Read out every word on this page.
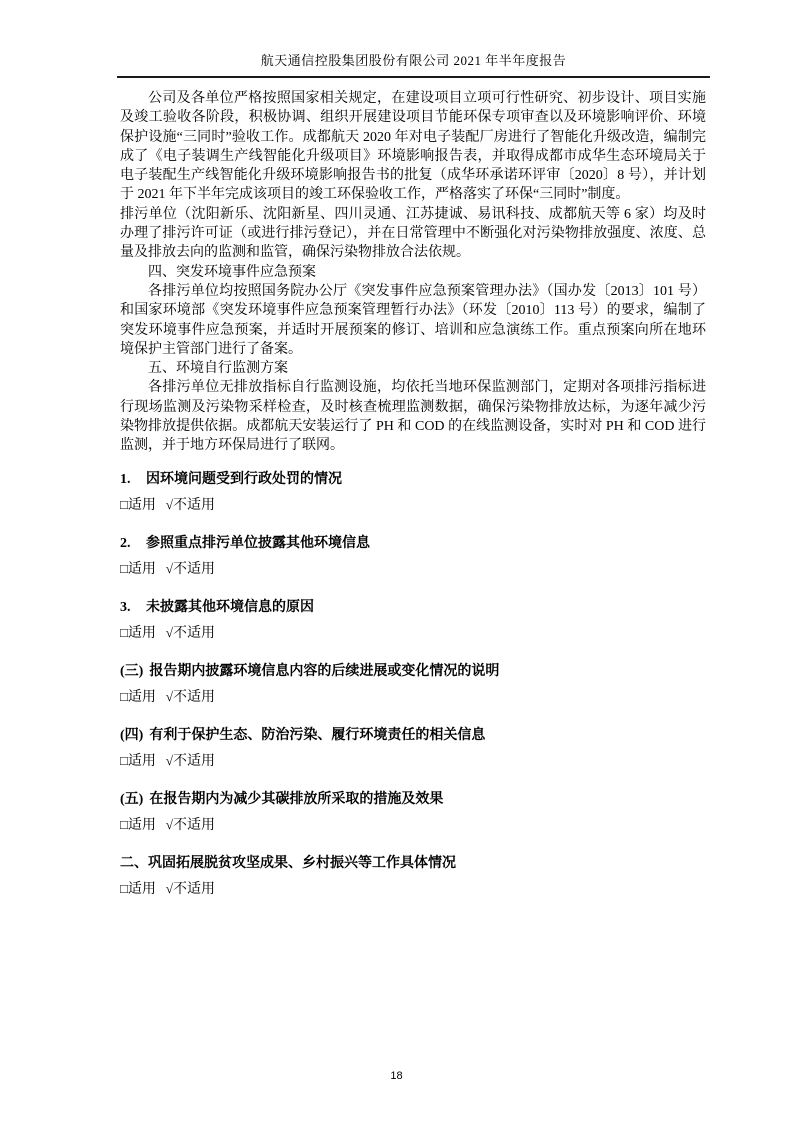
航天通信控股集团股份有限公司 2021 年半年度报告

公司及各单位严格按照国家相关规定，在建设项目立项可行性研究、初步设计、项目实施及竣工验收各阶段，积极协调、组织开展建设项目节能环保专项审查以及环境影响评价、环境保护设施“三同时”验收工作。成都航天 2020 年对电子装配厂房进行了智能化升级改造，编制完成了《电子装调生产线智能化升级项目》环境影响报告表，并取得成都市成华生态环境局关于电子装配生产线智能化升级环境影响报告书的批复（成华环承诺环评审〔2020〕8 号），并计划于 2021 年下半年完成该项目的竣工环保验收工作，严格落实了环保“三同时”制度。

排污单位（沈阳新乐、沈阳新星、四川灵通、江苏捷诚、易讯科技、成都航天等 6 家）均及时办理了排污许可证（或进行排污登记），并在日常管理中不断强化对污染物排放强度、浓度、总量及排放去向的监测和监管，确保污染物排放合法依规。

四、突发环境事件应急预案

各排污单位均按照国务院办公厅《突发事件应急预案管理办法》（国办发〔2013〕101 号）和国家环境部《突发环境事件应急预案管理暂行办法》（环发〔2010〕113 号）的要求，编制了突发环境事件应急预案，并适时开展预案的修订、培训和应急演练工作。重点预案向所在地环境保护主管部门进行了备案。

五、环境自行监测方案

各排污单位无排放指标自行监测设施，均依托当地环保监测部门，定期对各项排污指标进行现场监测及污染物采样检查，及时核查梳理监测数据，确保污染物排放达标，为逐年减少污染物排放提供依据。成都航天安装运行了 PH 和 COD 的在线监测设备，实时对 PH 和 COD 进行监测，并于地方环保局进行了联网。

1. 因环境问题受到行政处罚的情况
□适用 √不适用
2. 参照重点排污单位披露其他环境信息
□适用 √不适用
3. 未披露其他环境信息的原因
□适用 √不适用
(三) 报告期内披露环境信息内容的后续进展或变化情况的说明
□适用 √不适用
(四) 有利于保护生态、防治污染、履行环境责任的相关信息
□适用 √不适用
(五) 在报告期内为减少其碳排放所采取的措施及效果
□适用 √不适用
二、巩固拓展脱贫攻坚成果、乡村振兴等工作具体情况
□适用 √不适用
18
